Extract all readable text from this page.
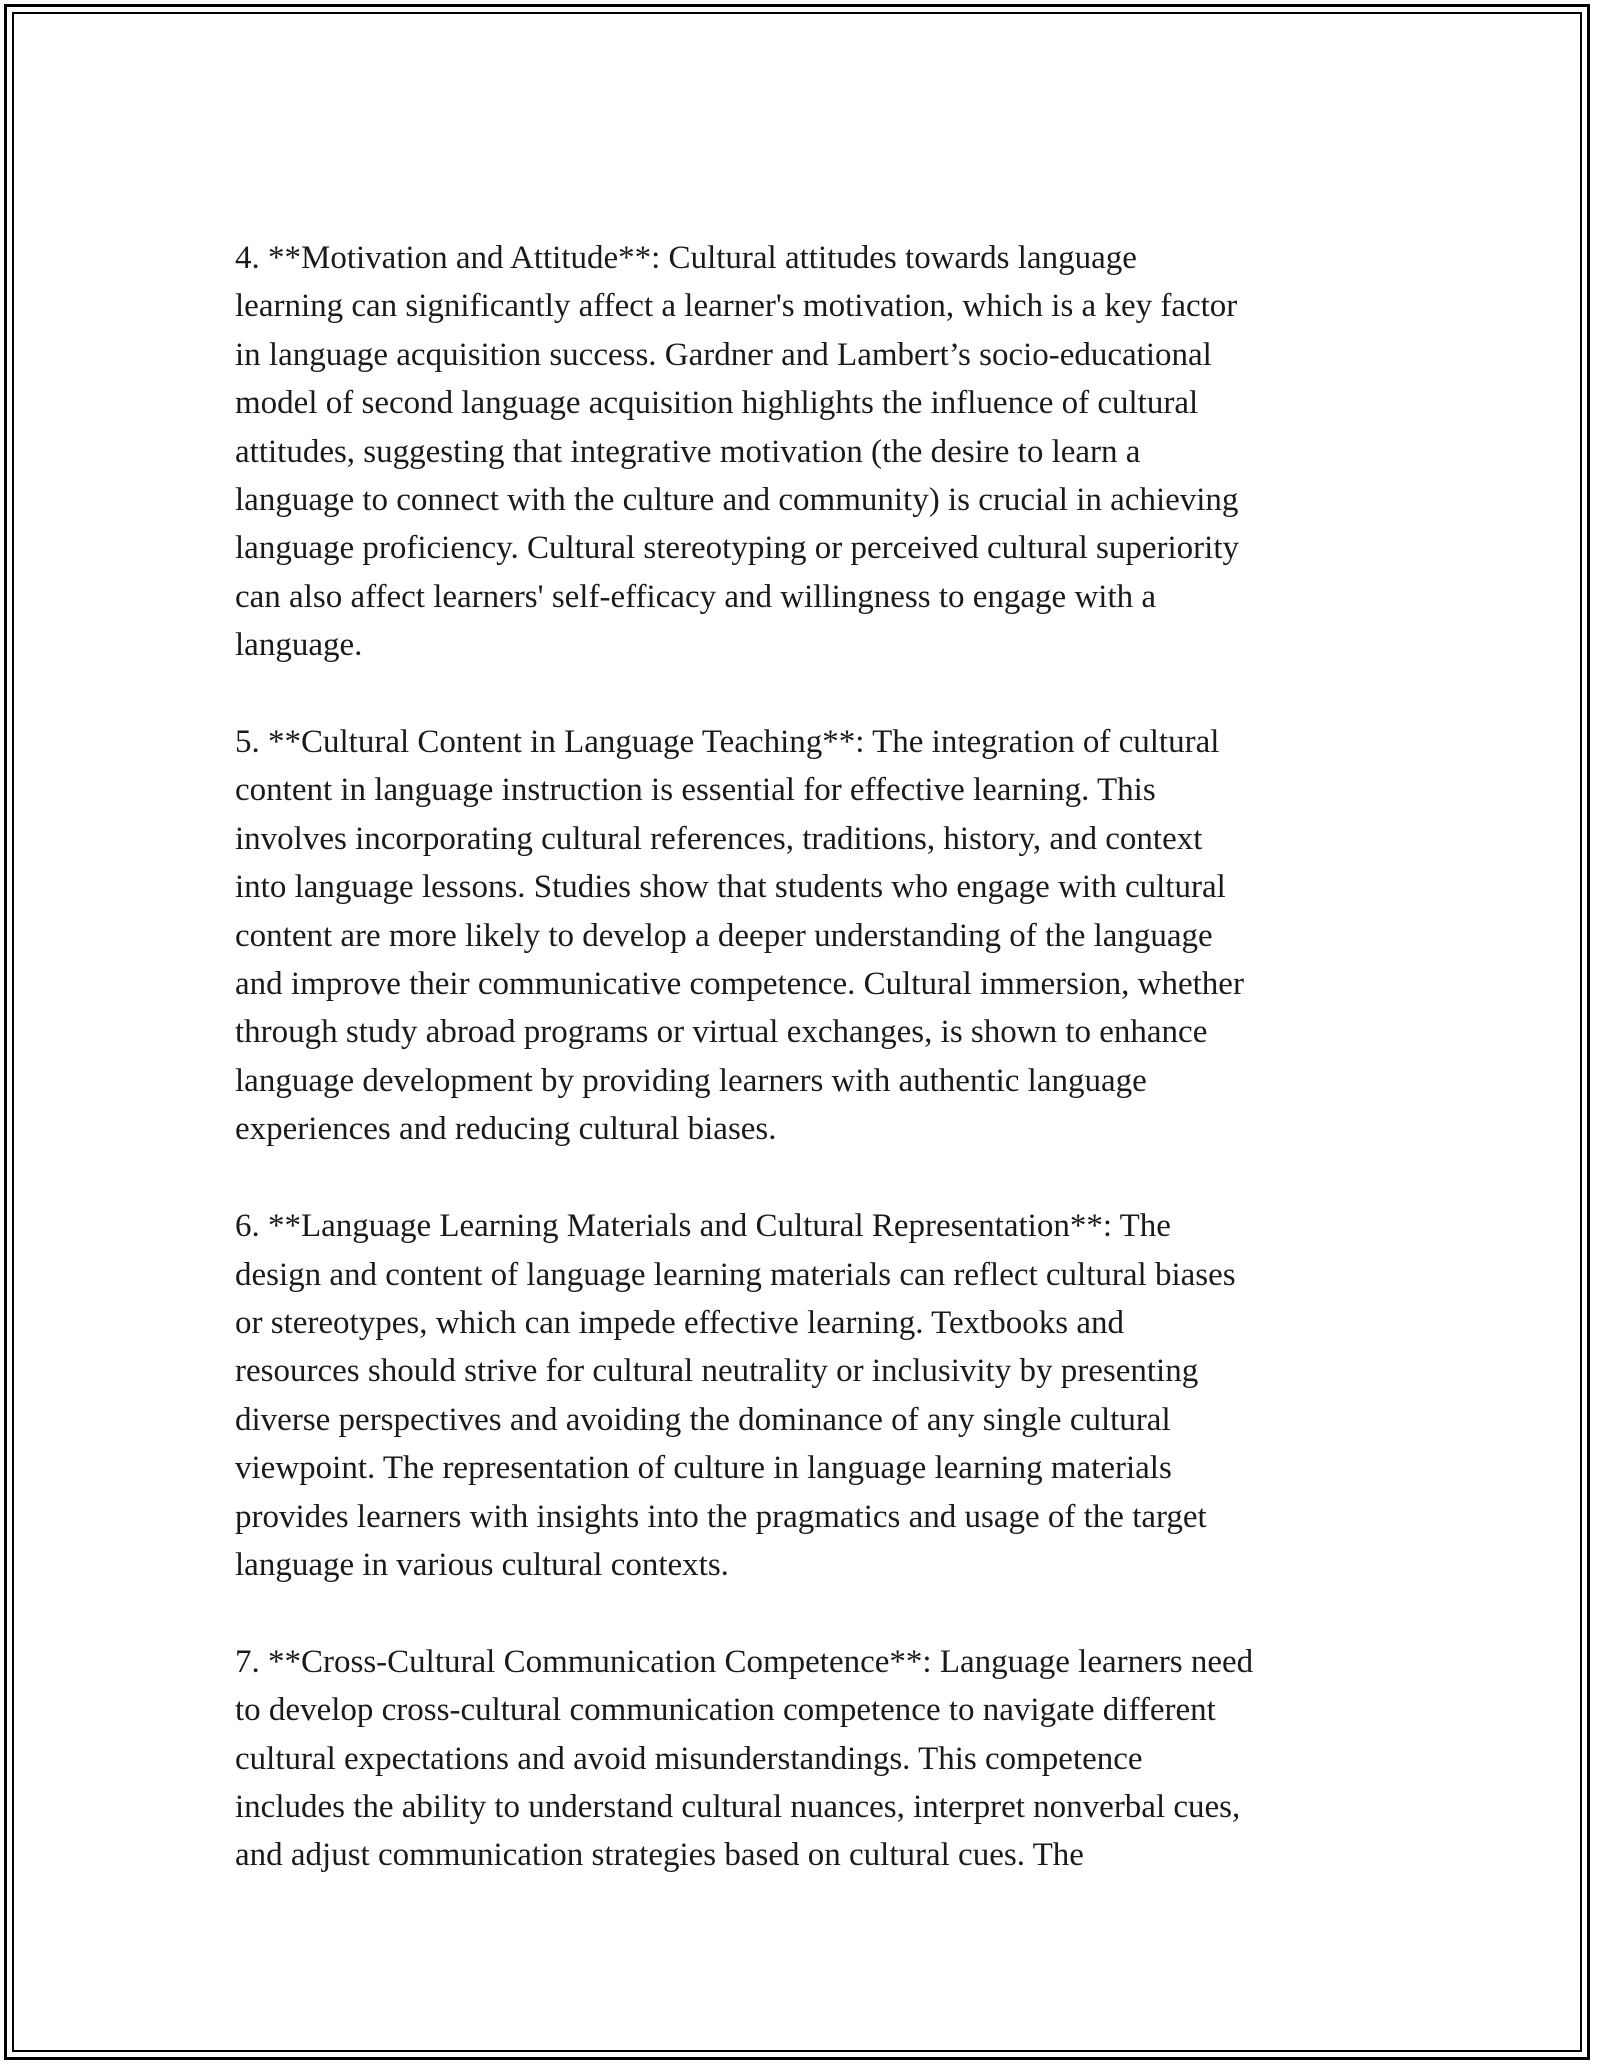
4. **Motivation and Attitude**: Cultural attitudes towards language
learning can significantly affect a learner's motivation, which is a key factor
in language acquisition success. Gardner and Lambert’s socio-educational
model of second language acquisition highlights the influence of cultural
attitudes, suggesting that integrative motivation (the desire to learn a
language to connect with the culture and community) is crucial in achieving
language proficiency. Cultural stereotyping or perceived cultural superiority
can also affect learners' self-efficacy and willingness to engage with a
language.

5. **Cultural Content in Language Teaching**: The integration of cultural
content in language instruction is essential for effective learning. This
involves incorporating cultural references, traditions, history, and context
into language lessons. Studies show that students who engage with cultural
content are more likely to develop a deeper understanding of the language
and improve their communicative competence. Cultural immersion, whether
through study abroad programs or virtual exchanges, is shown to enhance
language development by providing learners with authentic language
experiences and reducing cultural biases.

6. **Language Learning Materials and Cultural Representation**: The
design and content of language learning materials can reflect cultural biases
or stereotypes, which can impede effective learning. Textbooks and
resources should strive for cultural neutrality or inclusivity by presenting
diverse perspectives and avoiding the dominance of any single cultural
viewpoint. The representation of culture in language learning materials
provides learners with insights into the pragmatics and usage of the target
language in various cultural contexts.

7. **Cross-Cultural Communication Competence**: Language learners need
to develop cross-cultural communication competence to navigate different
cultural expectations and avoid misunderstandings. This competence
includes the ability to understand cultural nuances, interpret nonverbal cues,
and adjust communication strategies based on cultural cues. The
